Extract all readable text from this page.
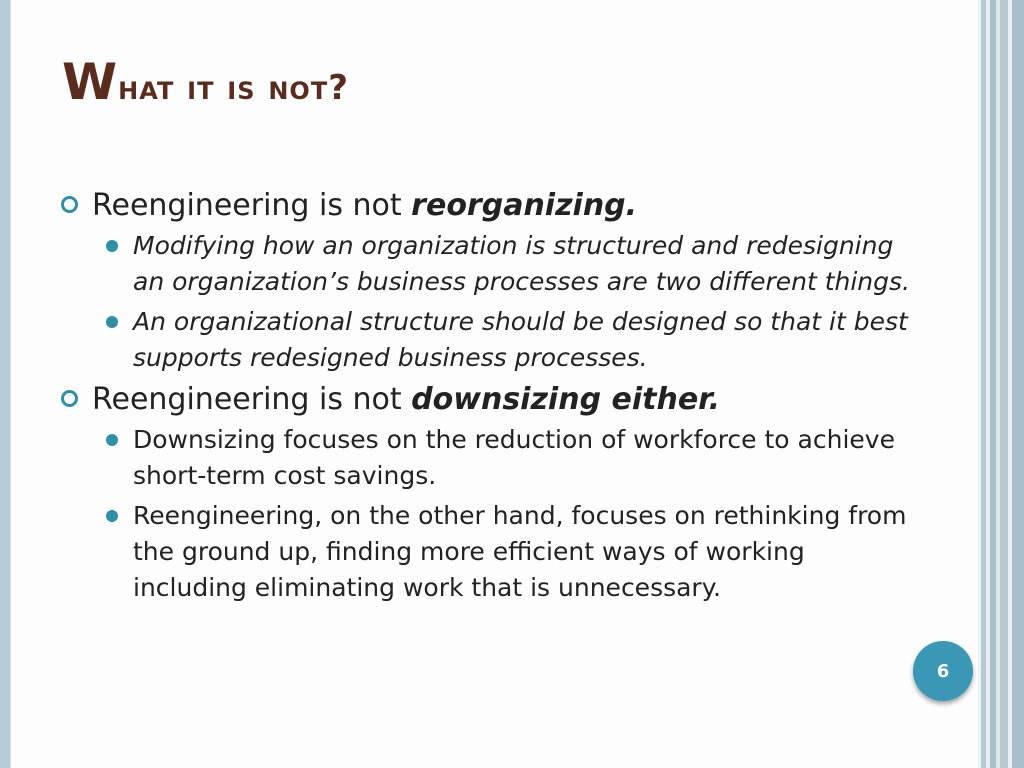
What it is not?
Reengineering is not reorganizing.
Modifying how an organization is structured and redesigning an organization’s business processes are two different things.
An organizational structure should be designed so that it best supports redesigned business processes.
Reengineering is not downsizing either.
Downsizing focuses on the reduction of workforce to achieve short-term cost savings.
Reengineering, on the other hand, focuses on rethinking from the ground up, finding more efficient ways of working including eliminating work that is unnecessary.
6
